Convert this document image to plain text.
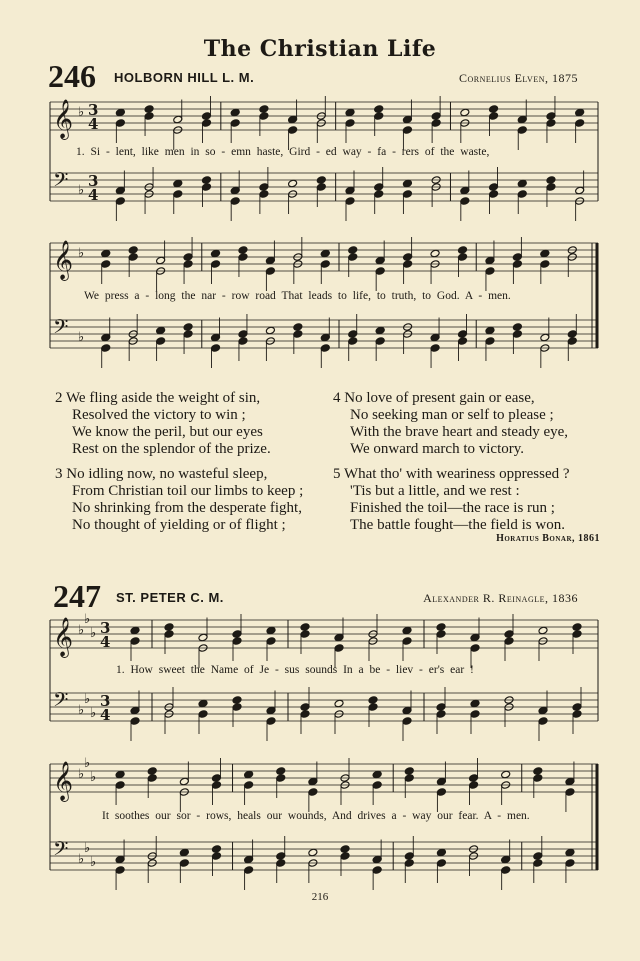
The Christian Life
246 HOLBORN HILL L. M.	Cornelius Elven, 1875
𝄞
𝄢
♭
♭
3
4
3
4
𝄞
𝄢
♭
♭
𝄞
𝄢
♭
♭
♭
♭
♭
♭
3
4
3
4
𝄞
𝄢
♭
♭
♭
♭
♭
♭
1. Si - lent, like men in so - emn haste, Gird - ed way - fa - rers of the waste,
We press a - long the nar - row road That leads to life, to truth, to God. A - men.
2 We fling aside the weight of sin,
Resolved the victory to win ;
We know the peril, but our eyes
Rest on the splendor of the prize.
3 No idling now, no wasteful sleep,
From Christian toil our limbs to keep ;
No shrinking from the desperate fight,
No thought of yielding or of flight ;
4 No love of present gain or ease,
No seeking man or self to please ;
With the brave heart and steady eye,
We onward march to victory.
5 What tho' with weariness oppressed ?
'Tis but a little, and we rest :
Finished the toil—the race is run ;
The battle fought—the field is won.
Horatius Bonar, 1861
247 ST. PETER C. M.	Alexander R. Reinagle, 1836
1. How sweet the Name of Je - sus sounds In a be - liev - er's ear !
It soothes our sor - rows, heals our wounds, And drives a - way our fear. A - men.
216
